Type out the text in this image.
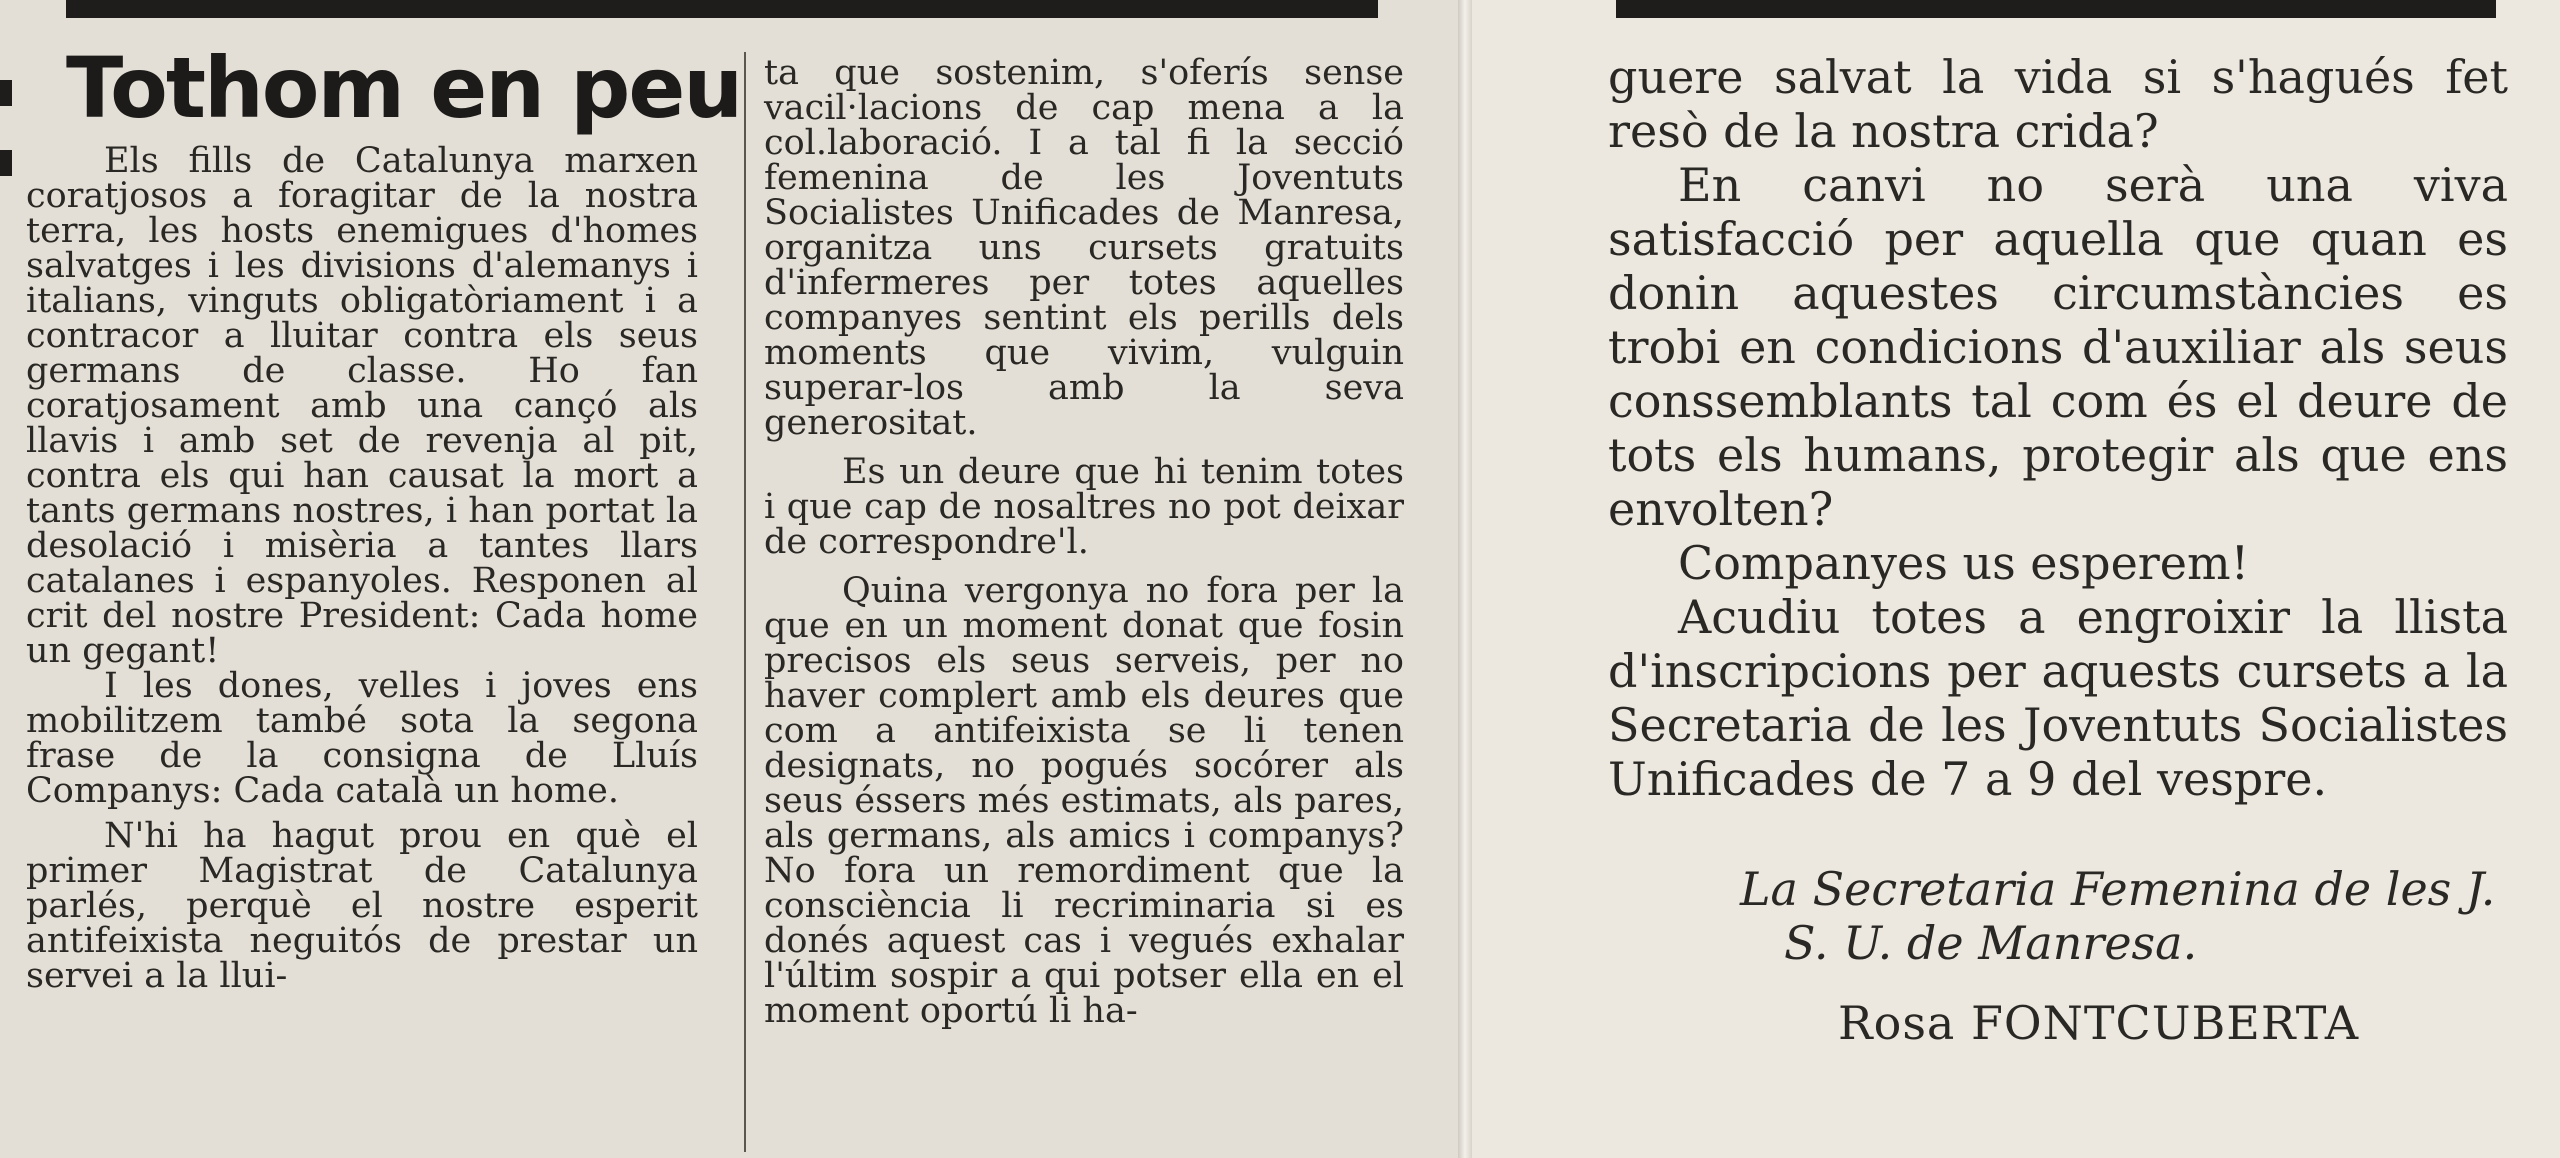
Tothom en peu

Els fills de Catalunya marxen coratjosos a foragitar de la nostra terra, les hosts enemigues d'homes salvatges i les divisions d'alemanys i italians, vinguts obligatòriament i a contracor a lluitar contra els seus germans de classe. Ho fan coratjosament amb una cançó als llavis i amb set de revenja al pit, contra els qui han causat la mort a tants germans nostres, i han portat la desolació i misèria a tantes llars catalanes i espanyoles. Responen al crit del nostre President: Cada home un gegant!

I les dones, velles i joves ens mobilitzem també sota la segona frase de la consigna de Lluís Companys: Cada català un home.

N'hi ha hagut prou en què el primer Magistrat de Catalunya parlés, perquè el nostre esperit antifeixista neguitós de prestar un servei a la llui-

ta que sostenim, s'oferís sense vacil·lacions de cap mena a la col.laboració. I a tal fi la secció femenina de les Joventuts Socialistes Unificades de Manresa, organitza uns cursets gratuits d'infermeres per totes aquelles companyes sentint els perills dels moments que vivim, vulguin superar-los amb la seva generositat.

Es un deure que hi tenim totes i que cap de nosaltres no pot deixar de correspondre'l.

Quina vergonya no fora per la que en un moment donat que fosin precisos els seus serveis, per no haver complert amb els deures que com a antifeixista se li tenen designats, no pogués socórer als seus éssers més estimats, als pares, als germans, als amics i companys? No fora un remordiment que la consciència li recriminaria si es donés aquest cas i vegués exhalar l'últim sospir a qui potser ella en el moment oportú li ha-

guere salvat la vida si s'hagués fet resò de la nostra crida?

En canvi no serà una viva satisfacció per aquella que quan es donin aquestes circumstàncies es trobi en condicions d'auxiliar als seus conssemblants tal com és el deure de tots els humans, protegir als que ens envolten?

Companyes us esperem!

Acudiu totes a engroixir la llista d'inscripcions per aquests cursets a la Secretaria de les Joventuts Socialistes Unificades de 7 a 9 del vespre.

La Secretaria Femenina de les J.
S. U. de Manresa.
Rosa FONTCUBERTA
